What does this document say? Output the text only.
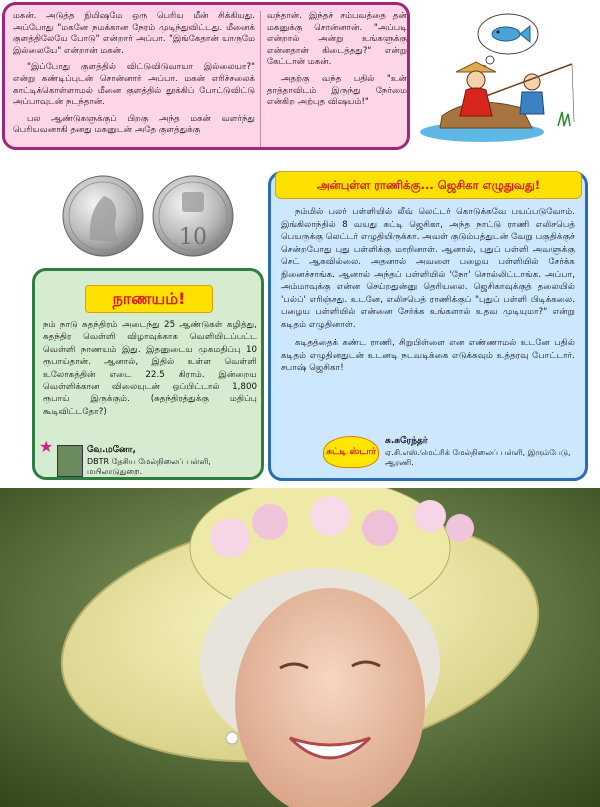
மகன். அடுத்த நிமிஷமே ஒரு பெரிய மீன் சிக்கியது. அப்போது "மகனே நமக்கான நேரம் முடிந்துவிட்டது. மீனைக் குளத்திலேயே போடு" என்றார் அப்பா. "இங்கேதான் யாருமே இல்லையே" என்றான் மகன்.

"இப்போது குளத்தில் விட்டுவிடுவாயா இல்லையா?" என்று கண்டிப்புடன் சொன்னார் அப்பா. மகன் எரிச்சலைக் காட்டிக்கொள்ளாமல் மீனை குளத்தில் தூக்கிப் போட்டுவிட்டு அப்பாவுடன் நடந்தான்.

பல ஆண்டுகளுக்குப் பிறகு அந்த மகன் வளர்ந்து பெரியவனாகி தனது மகனுடன் அதே குளத்துக்கு

வந்தான். இந்தச் சம்பவத்தை தன் மகனுக்கு சொன்னான். "அப்படி என்றால் அன்று உங்களுக்கு என்னதான் கிடைத்தது?" என்று கேட்டான் மகன்.

அதற்கு வந்த பதில் "உன் தாத்தாவிடம் இருந்து நேர்மை என்கிற அற்புத விஷயம்!"

10
நாணயம்!

நம் நாடு சுதந்திரம் அடைந்து 25 ஆண்டுகள் கழித்து, சுதந்திர வெள்ளி விழாவுக்காக வெளியிடப்பட்ட வெள்ளி நாணயம் இது. இதனுடைய முகமதிப்பு 10 ரூபாய்தான். ஆனால், இதில் உள்ள வெள்ளி உலோகத்தின் எடை 22.5 கிராம். இன்றைய வெள்ளிக்கான விலையுடன் ஒப்பிட்டால் 1,800 ரூபாய் இருக்கும். (சுதந்திரத்துக்கு மதிப்பு கூடிவிட்டதோ?)

★	வே.மனோ,
DBTR தேசிய மேல்நிலைப் பள்ளி, மயிலாடுதுறை.
அன்புள்ள ராணிக்கு... ஜெசிகா எழுதுவது!

நம்மில் பலர் பள்ளியில் லீவ் லெட்டர் கொடுக்கவே பயப்படுவோம். இங்கிலாந்தில் 8 வயது சுட்டி ஜெசிகா, அந்த நாட்டு ராணி எலிசபெத் பெயருக்கு லெட்டர் எழுதியிருக்கா. அவள் குடும்பத்துடன் வேறு பகுதிக்குச் சென்றபோது புது பள்ளிக்கு மாறினாள். ஆனால், புதுப் பள்ளி அவளுக்கு செட் ஆகவில்லை. அதனால் அவளை பழைய பள்ளியில் சேர்க்க நினைச்சாங்க. ஆனால் அந்தப் பள்ளியில் 'நோ' சொல்லிட்டாங்க. அப்பா, அம்மாவுக்கு என்ன செய்றதுன்னு தெரியலை. ஜெசிகாவுக்குத் தலையில் 'பல்ப்' எரிஞ்சது. உடனே, எலிசபெத் ராணிக்குப் "புதுப் பள்ளி பிடிக்கலை. பழைய பள்ளியில் என்னை சேர்க்க உங்களால் உதவ முடியுமா?" என்று கடிதம் எழுதினாள்.

கடிதத்தைக் கண்ட ராணி, சிறுபிள்ளை என எண்ணாமல் உடனே பதில் கடிதம் எழுதினதுடன் உடனடி நடவடிக்கை எடுக்கவும் உத்தரவு போட்டார். சபாஷ் ஜெசிகா!

சுட்டி ஸ்டார்
சு.சுரேந்தர்
ஏ.சி.எஸ்.மெட்ரிக் மேல்நிலைப் பள்ளி, இரும்பேடு, ஆரணி.
